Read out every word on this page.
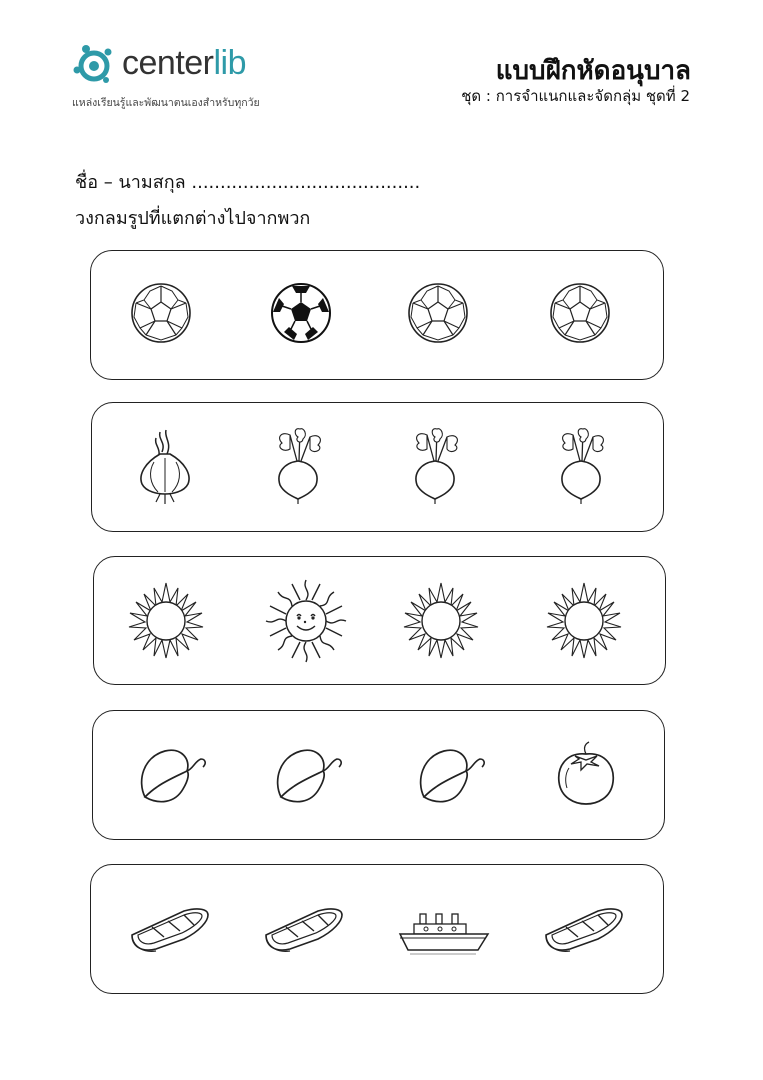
centerlib
แหล่งเรียนรู้และพัฒนาตนเองสำหรับทุกวัย
แบบฝึกหัดอนุบาล
ชุด : การจำแนกและจัดกลุ่ม ชุดที่ 2
ชื่อ – นามสกุล ........................................
วงกลมรูปที่แตกต่างไปจากพวก
